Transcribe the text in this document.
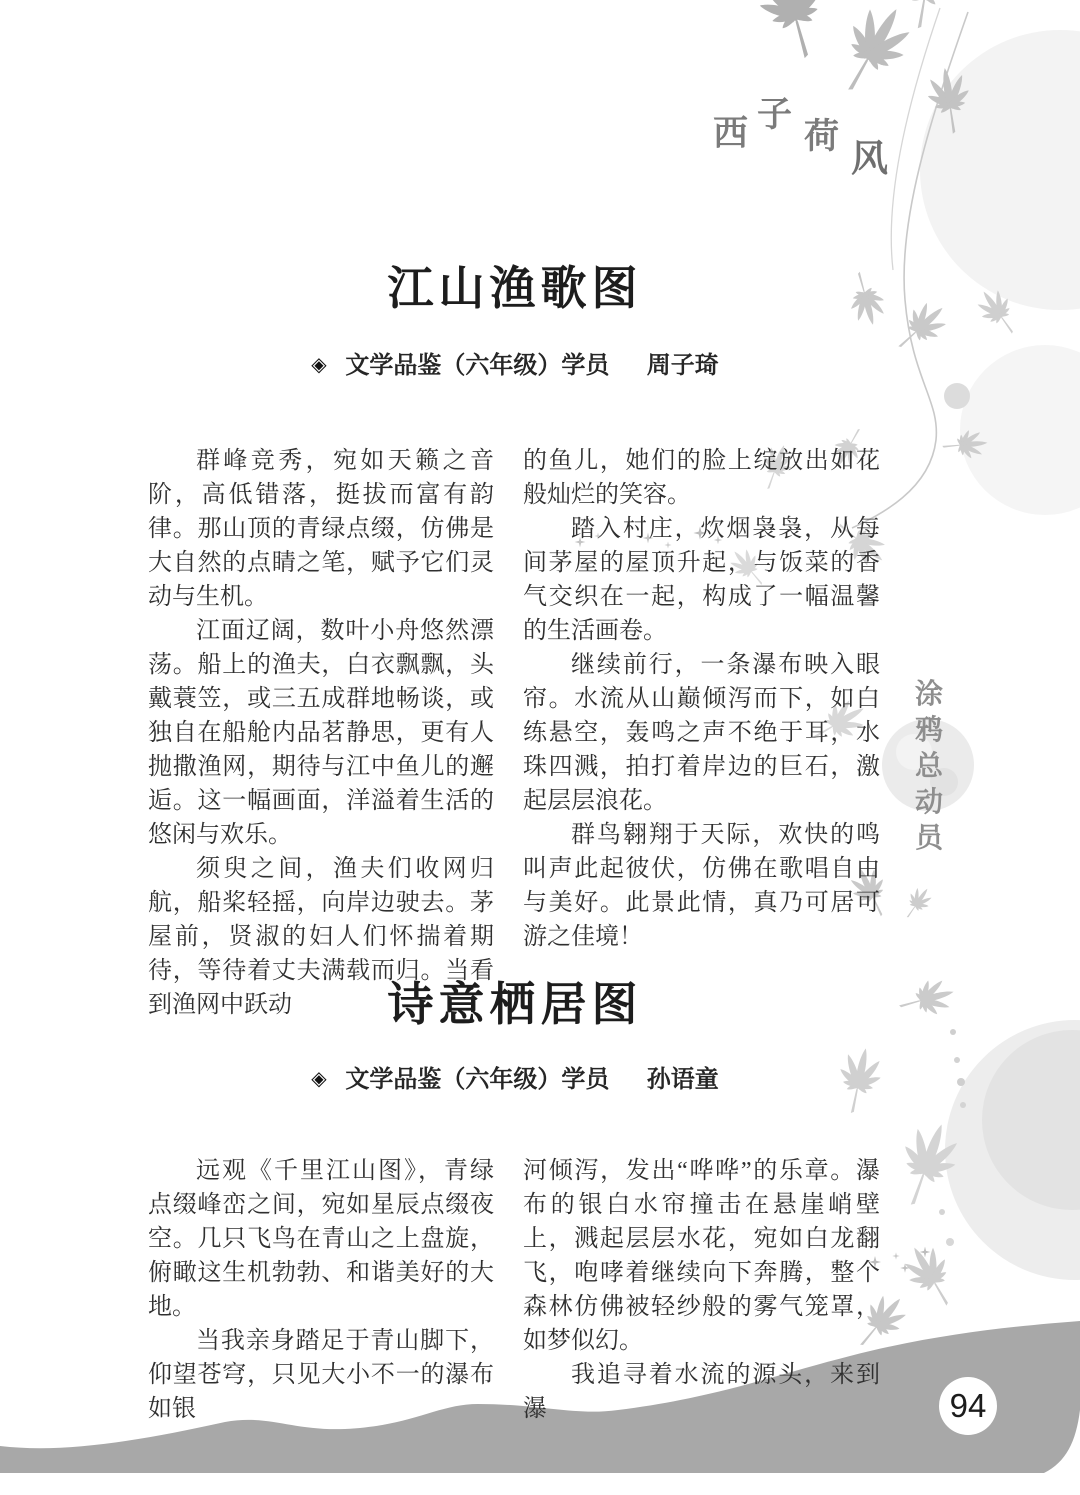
西 子
荷
风
江山渔歌图
◈ 文学品鉴（六年级）学员 周子琦

群峰竞秀，宛如天籁之音阶，高低错落，挺拔而富有韵律。那山顶的青绿点缀，仿佛是大自然的点睛之笔，赋予它们灵动与生机。

江面辽阔，数叶小舟悠然漂荡。船上的渔夫，白衣飘飘，头戴蓑笠，或三五成群地畅谈，或独自在船舱内品茗静思，更有人抛撒渔网，期待与江中鱼儿的邂逅。这一幅画面，洋溢着生活的悠闲与欢乐。

须臾之间，渔夫们收网归航，船桨轻摇，向岸边驶去。茅屋前，贤淑的妇人们怀揣着期待，等待着丈夫满载而归。当看到渔网中跃动

的鱼儿，她们的脸上绽放出如花般灿烂的笑容。

踏入村庄，炊烟袅袅，从每间茅屋的屋顶升起，与饭菜的香气交织在一起，构成了一幅温馨的生活画卷。

继续前行，一条瀑布映入眼帘。水流从山巅倾泻而下，如白练悬空，轰鸣之声不绝于耳，水珠四溅，拍打着岸边的巨石，激起层层浪花。

群鸟翱翔于天际，欢快的鸣叫声此起彼伏，仿佛在歌唱自由与美好。此景此情，真乃可居可游之佳境！

诗意栖居图
◈ 文学品鉴（六年级）学员 孙语童

远观《千里江山图》，青绿点缀峰峦之间，宛如星辰点缀夜空。几只飞鸟在青山之上盘旋，俯瞰这生机勃勃、和谐美好的大地。

当我亲身踏足于青山脚下，仰望苍穹，只见大小不一的瀑布如银

河倾泻，发出“哗哗”的乐章。瀑布的银白水帘撞击在悬崖峭壁上，溅起层层水花，宛如白龙翻飞，咆哮着继续向下奔腾，整个森林仿佛被轻纱般的雾气笼罩，如梦似幻。

我追寻着水流的源头，来到瀑

涂
鸦
总
动
员
94
